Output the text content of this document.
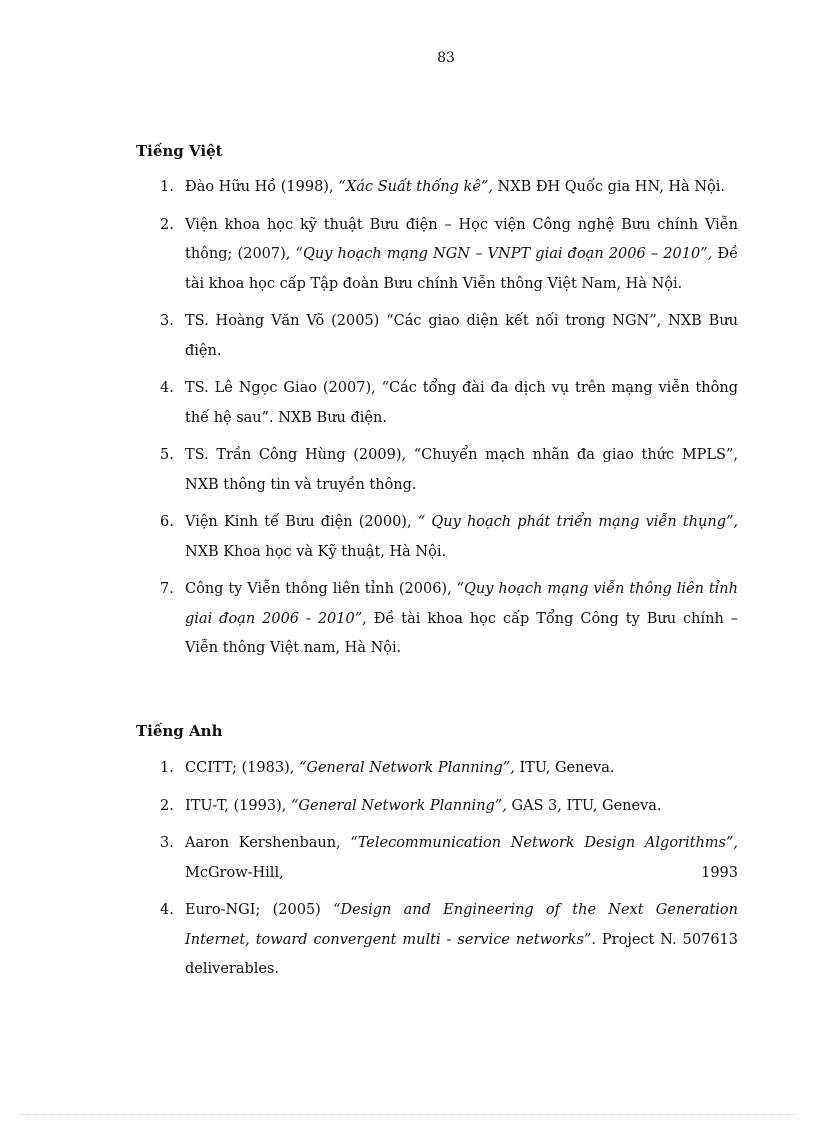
83
Tiếng Việt
1. Đào Hữu Hồ (1998), “Xác Suất thống kê”, NXB ĐH Quốc gia HN, Hà Nội.
2. Viện khoa học kỹ thuật Bưu điện – Học viện Công nghệ Bưu chính Viễn thông; (2007), “Quy hoạch mạng NGN – VNPT giai đoạn 2006 – 2010”, Đề tài khoa học cấp Tập đoàn Bưu chính Viễn thông Việt Nam, Hà Nội.
3. TS. Hoàng Văn Võ (2005) “Các giao diện kết nối trong NGN”, NXB Bưu điện.
4. TS. Lê Ngọc Giao (2007), “Các tổng đài đa dịch vụ trên mạng viễn thông thế hệ sau”. NXB Bưu điện.
5. TS. Trần Công Hùng (2009), “Chuyển mạch nhãn đa giao thức MPLS”, NXB thông tin và truyền thông.
6. Viện Kinh tế Bưu điện (2000), “ Quy hoạch phát triển mạng viễn thụng”, NXB Khoa học và Kỹ thuật, Hà Nội.
7. Công ty Viễn thông liên tỉnh (2006), “Quy hoạch mạng viễn thông liên tỉnh giai đoạn 2006 - 2010”, Đề tài khoa học cấp Tổng Công ty Bưu chính – Viễn thông Việt nam, Hà Nội.
Tiếng Anh
1. CCITT; (1983), “General Network Planning”, ITU, Geneva.
2. ITU-T, (1993), “General Network Planning”, GAS 3, ITU, Geneva.
3. Aaron Kershenbaun, “Telecommunication Network Design Algorithms”, McGrow-Hill, 1993
4. Euro-NGI; (2005) “Design and Engineering of the Next Generation Internet, toward convergent multi - service networks”. Project N. 507613 deliverables.
